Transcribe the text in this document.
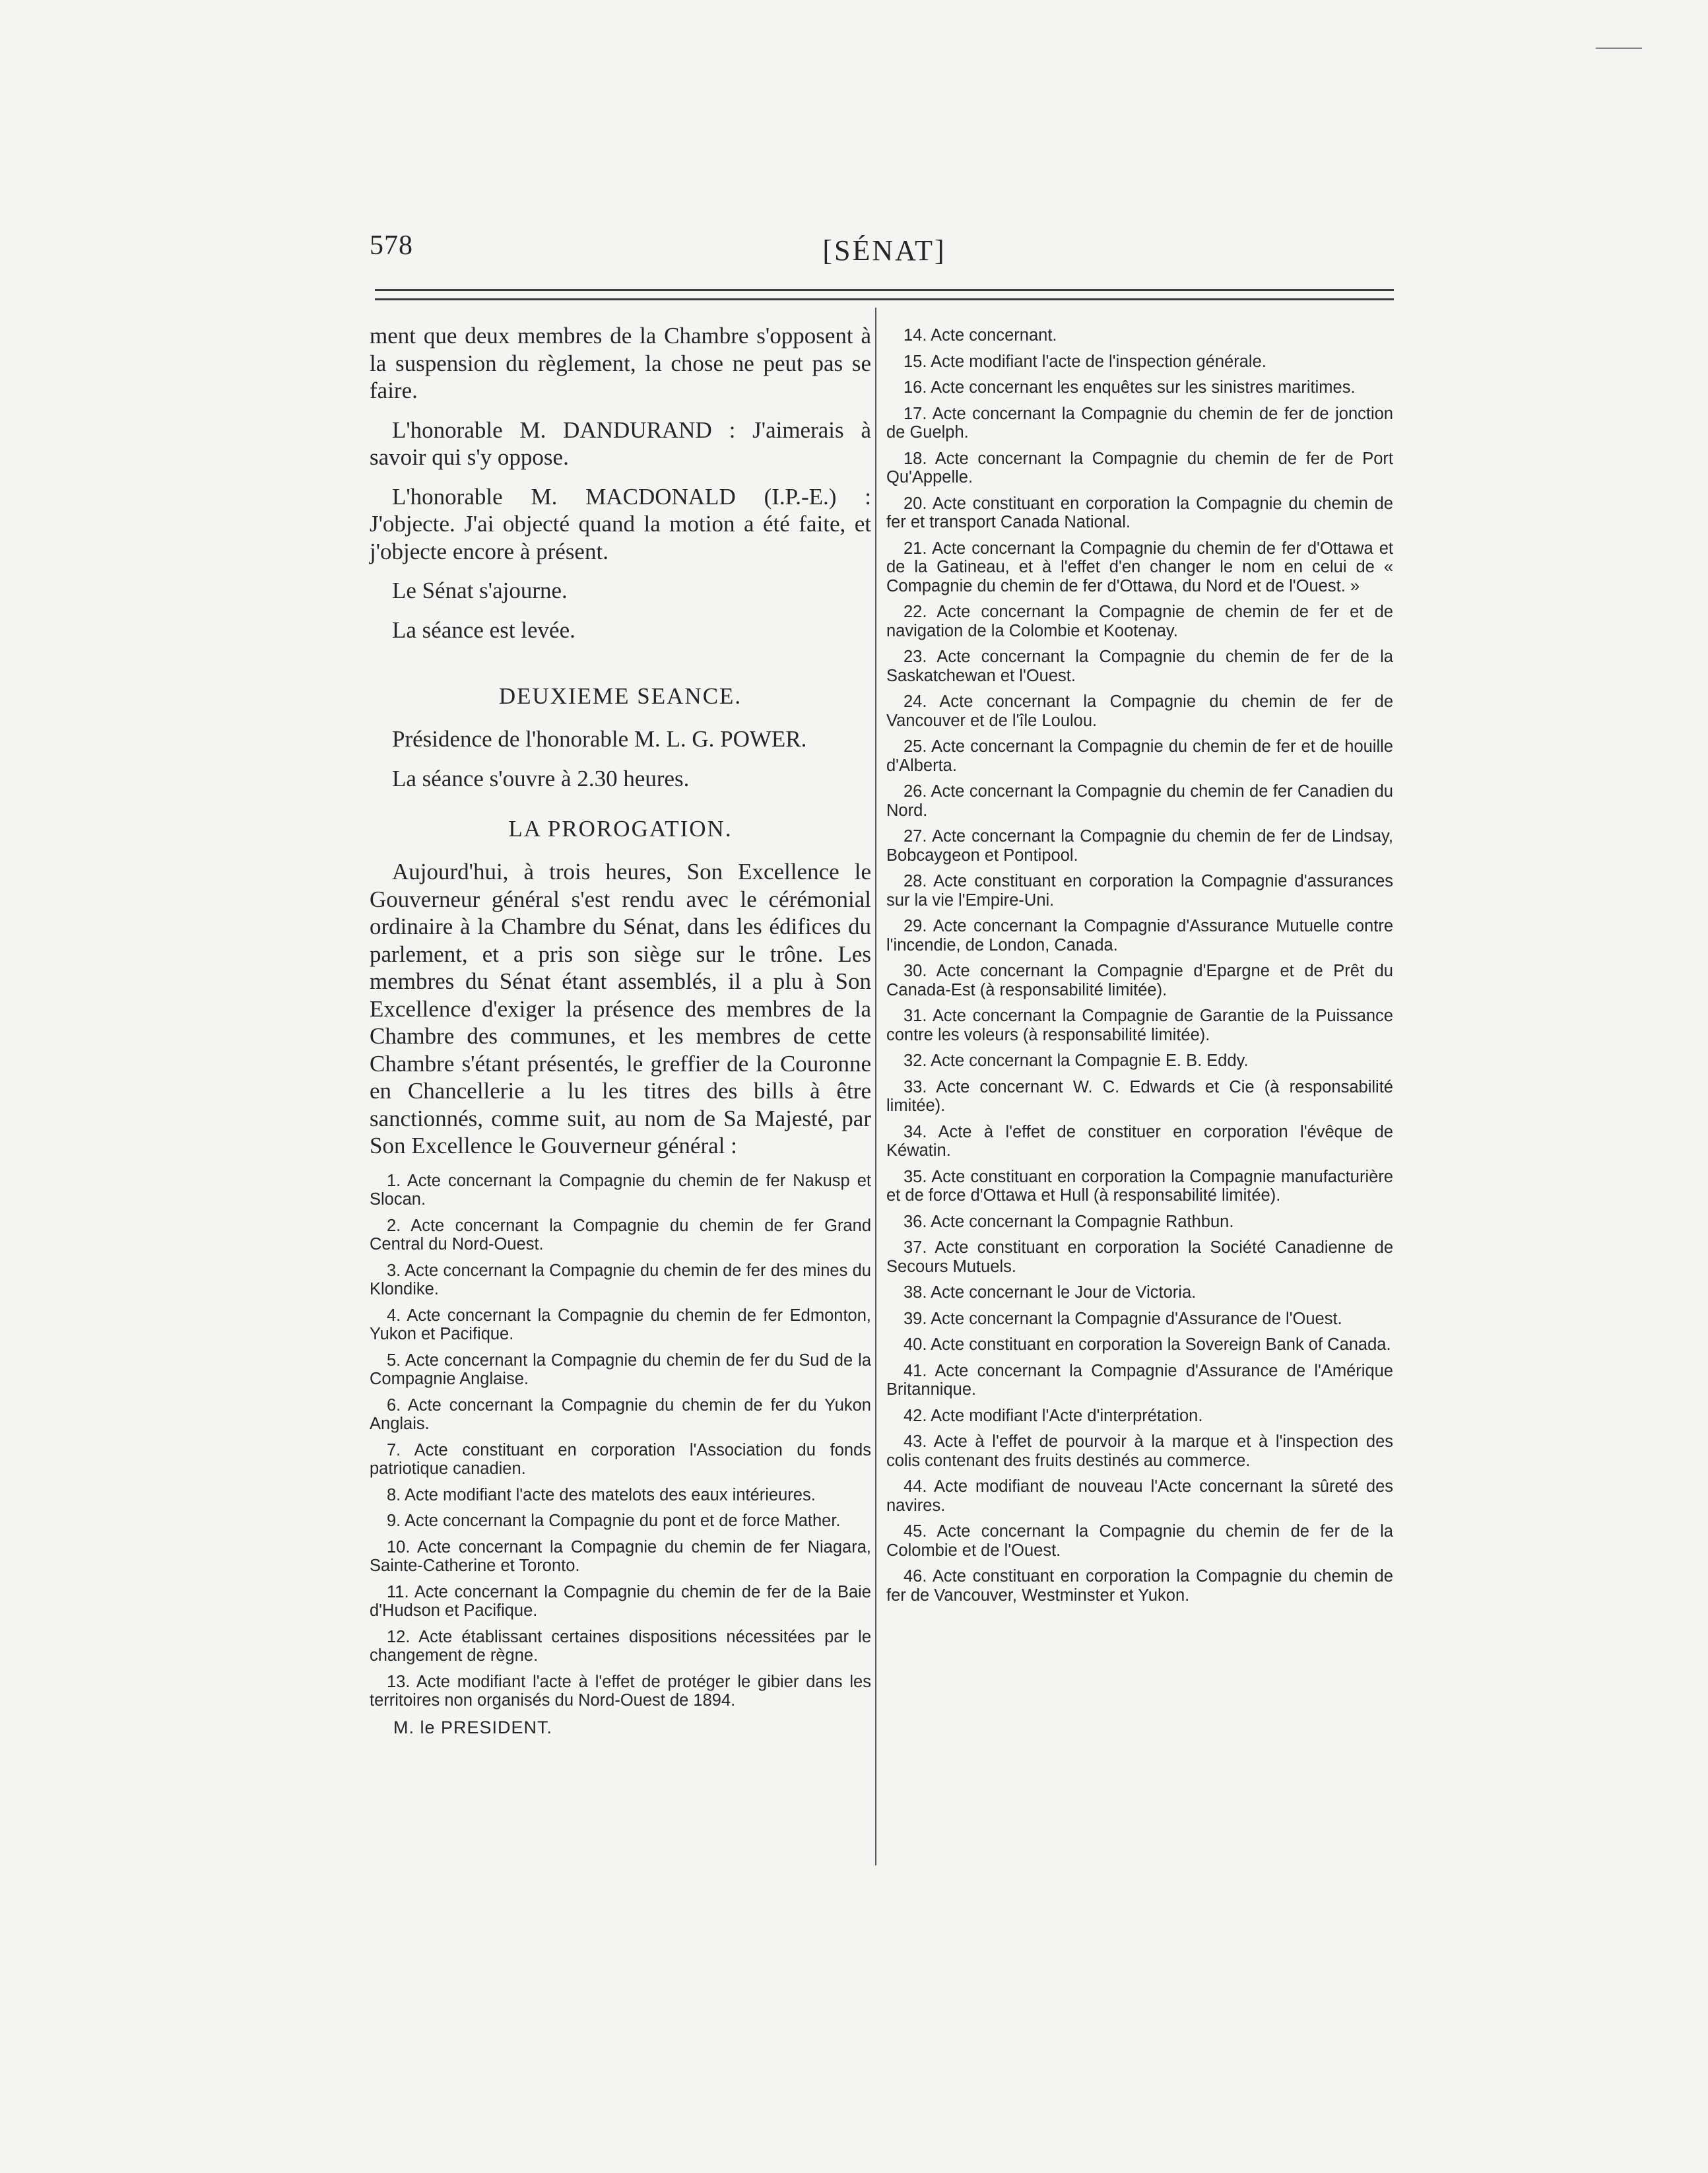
578	[SÉNAT]

ment que deux membres de la Chambre s'opposent à la suspension du règlement, la chose ne peut pas se faire.

L'honorable M. DANDURAND : J'aimerais à savoir qui s'y oppose.

L'honorable M. MACDONALD (I.P.-E.) : J'objecte. J'ai objecté quand la motion a été faite, et j'objecte encore à présent.

Le Sénat s'ajourne.

La séance est levée.

DEUXIEME SEANCE.

Présidence de l'honorable M. L. G. POWER.

La séance s'ouvre à 2.30 heures.

LA PROROGATION.

Aujourd'hui, à trois heures, Son Excellence le Gouverneur général s'est rendu avec le cérémonial ordinaire à la Chambre du Sénat, dans les édifices du parlement, et a pris son siège sur le trône. Les membres du Sénat étant assemblés, il a plu à Son Excellence d'exiger la présence des membres de la Chambre des communes, et les membres de cette Chambre s'étant présentés, le greffier de la Couronne en Chancellerie a lu les titres des bills à être sanctionnés, comme suit, au nom de Sa Majesté, par Son Excellence le Gouverneur général :

1. Acte concernant la Compagnie du chemin de fer Nakusp et Slocan.
2. Acte concernant la Compagnie du chemin de fer Grand Central du Nord-Ouest.
3. Acte concernant la Compagnie du chemin de fer des mines du Klondike.
4. Acte concernant la Compagnie du chemin de fer Edmonton, Yukon et Pacifique.
5. Acte concernant la Compagnie du chemin de fer du Sud de la Compagnie Anglaise.
6. Acte concernant la Compagnie du chemin de fer du Yukon Anglais.
7. Acte constituant en corporation l'Association du fonds patriotique canadien.
8. Acte modifiant l'acte des matelots des eaux intérieures.
9. Acte concernant la Compagnie du pont et de force Mather.
10. Acte concernant la Compagnie du chemin de fer Niagara, Sainte-Catherine et Toronto.
11. Acte concernant la Compagnie du chemin de fer de la Baie d'Hudson et Pacifique.
12. Acte établissant certaines dispositions nécessitées par le changement de règne.
13. Acte modifiant l'acte à l'effet de protéger le gibier dans les territoires non organisés du Nord-Ouest de 1894.

M. le PRESIDENT.

14. Acte concernant.
15. Acte modifiant l'acte de l'inspection générale.
16. Acte concernant les enquêtes sur les sinistres maritimes.
17. Acte concernant la Compagnie du chemin de fer de jonction de Guelph.
18. Acte concernant la Compagnie du chemin de fer de Port Qu'Appelle.
20. Acte constituant en corporation la Compagnie du chemin de fer et transport Canada National.
21. Acte concernant la Compagnie du chemin de fer d'Ottawa et de la Gatineau, et à l'effet d'en changer le nom en celui de « Compagnie du chemin de fer d'Ottawa, du Nord et de l'Ouest. »
22. Acte concernant la Compagnie de chemin de fer et de navigation de la Colombie et Kootenay.
23. Acte concernant la Compagnie du chemin de fer de la Saskatchewan et l'Ouest.
24. Acte concernant la Compagnie du chemin de fer de Vancouver et de l'île Loulou.
25. Acte concernant la Compagnie du chemin de fer et de houille d'Alberta.
26. Acte concernant la Compagnie du chemin de fer Canadien du Nord.
27. Acte concernant la Compagnie du chemin de fer de Lindsay, Bobcaygeon et Pontipool.
28. Acte constituant en corporation la Compagnie d'assurances sur la vie l'Empire-Uni.
29. Acte concernant la Compagnie d'Assurance Mutuelle contre l'incendie, de London, Canada.
30. Acte concernant la Compagnie d'Epargne et de Prêt du Canada-Est (à responsabilité limitée).
31. Acte concernant la Compagnie de Garantie de la Puissance contre les voleurs (à responsabilité limitée).
32. Acte concernant la Compagnie E. B. Eddy.
33. Acte concernant W. C. Edwards et Cie (à responsabilité limitée).
34. Acte à l'effet de constituer en corporation l'évêque de Kéwatin.
35. Acte constituant en corporation la Compagnie manufacturière et de force d'Ottawa et Hull (à responsabilité limitée).
36. Acte concernant la Compagnie Rathbun.
37. Acte constituant en corporation la Société Canadienne de Secours Mutuels.
38. Acte concernant le Jour de Victoria.
39. Acte concernant la Compagnie d'Assurance de l'Ouest.
40. Acte constituant en corporation la Sovereign Bank of Canada.
41. Acte concernant la Compagnie d'Assurance de l'Amérique Britannique.
42. Acte modifiant l'Acte d'interprétation.
43. Acte à l'effet de pourvoir à la marque et à l'inspection des colis contenant des fruits destinés au commerce.
44. Acte modifiant de nouveau l'Acte concernant la sûreté des navires.
45. Acte concernant la Compagnie du chemin de fer de la Colombie et de l'Ouest.
46. Acte constituant en corporation la Compagnie du chemin de fer de Vancouver, Westminster et Yukon.
